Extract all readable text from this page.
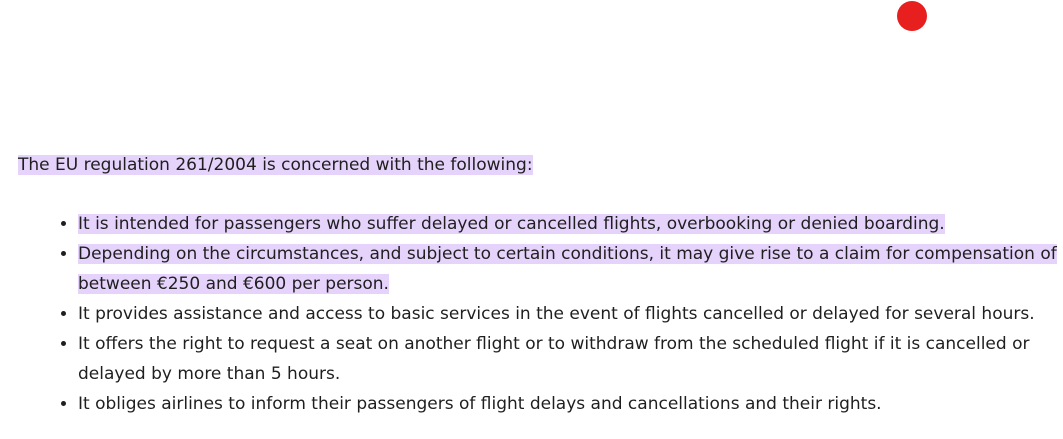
The EU regulation 261/2004 is concerned with the following:

• It is intended for passengers who suffer delayed or cancelled flights, overbooking or denied boarding.
• Depending on the circumstances, and subject to certain conditions, it may give rise to a claim for compensation of between €250 and €600 per person.
• It provides assistance and access to basic services in the event of flights cancelled or delayed for several hours.
• It offers the right to request a seat on another flight or to withdraw from the scheduled flight if it is cancelled or delayed by more than 5 hours.
• It obliges airlines to inform their passengers of flight delays and cancellations and their rights.
